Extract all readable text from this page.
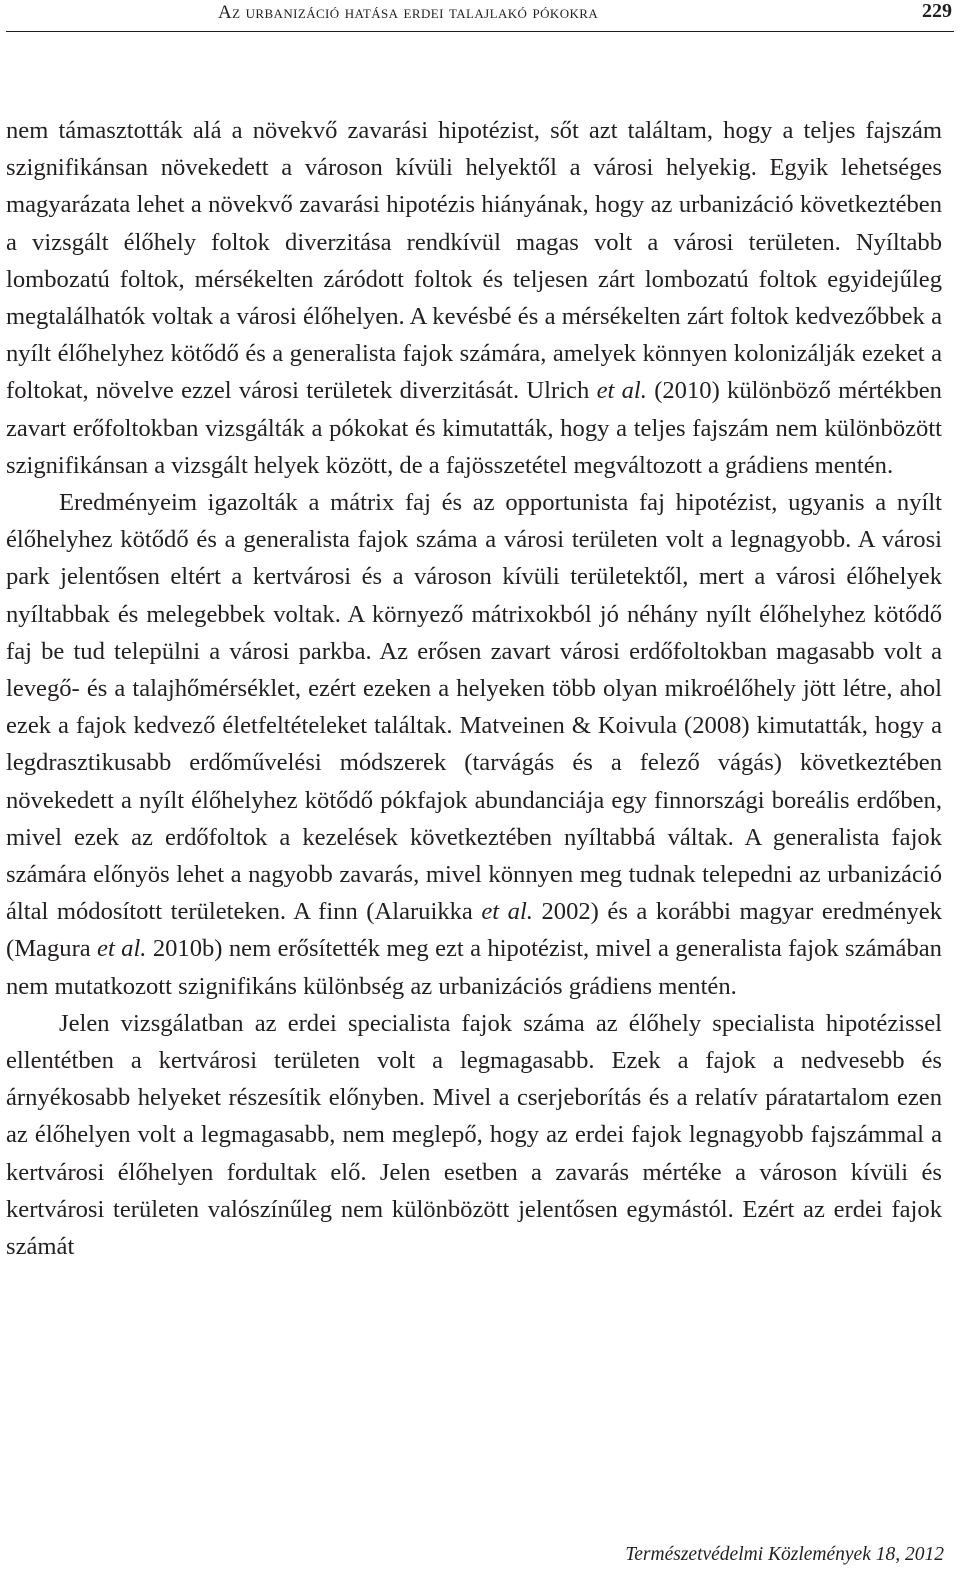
Az urbanizáció hatása erdei talajlakó pókokra	229

nem támasztották alá a növekvő zavarási hipotézist, sőt azt találtam, hogy a teljes fajszám szignifikánsan növekedett a városon kívüli helyektől a városi helyekig. Egyik lehetséges magyarázata lehet a növekvő zavarási hipotézis hiányának, hogy az urbanizáció következtében a vizsgált élőhely foltok diverzitása rendkívül magas volt a városi területen. Nyíltabb lombozatú foltok, mérsékelten záródott foltok és teljesen zárt lombozatú foltok egyidejűleg megtalálhatók voltak a városi élőhelyen. A kevésbé és a mérsékelten zárt foltok kedvezőbbek a nyílt élőhelyhez kötődő és a generalista fajok számára, amelyek könnyen kolonizálják ezeket a foltokat, növelve ezzel városi területek diverzitását. Ulrich et al. (2010) különböző mértékben zavart erőfoltokban vizsgálták a pókokat és kimutatták, hogy a teljes fajszám nem különbözött szignifikánsan a vizsgált helyek között, de a fajösszetétel megváltozott a grádiens mentén.

Eredményeim igazolták a mátrix faj és az opportunista faj hipotézist, ugyanis a nyílt élőhelyhez kötődő és a generalista fajok száma a városi területen volt a legnagyobb. A városi park jelentősen eltért a kertvárosi és a városon kívüli területektől, mert a városi élőhelyek nyíltabbak és melegebbek voltak. A környező mátrixokból jó néhány nyílt élőhelyhez kötődő faj be tud települni a városi parkba. Az erősen zavart városi erdőfoltokban magasabb volt a levegő- és a talajhőmérséklet, ezért ezeken a helyeken több olyan mikroélőhely jött létre, ahol ezek a fajok kedvező életfeltételeket találtak. Matveinen & Koivula (2008) kimutatták, hogy a legdrasztikusabb erdőművelési módszerek (tarvágás és a felező vágás) következtében növekedett a nyílt élőhelyhez kötődő pókfajok abundanciája egy finnországi boreális erdőben, mivel ezek az erdőfoltok a kezelések következtében nyíltabbá váltak. A generalista fajok számára előnyös lehet a nagyobb zavarás, mivel könnyen meg tudnak telepedni az urbanizáció által módosított területeken. A finn (Alaruikka et al. 2002) és a korábbi magyar eredmények (Magura et al. 2010b) nem erősítették meg ezt a hipotézist, mivel a generalista fajok számában nem mutatkozott szignifikáns különbség az urbanizációs grádiens mentén.

Jelen vizsgálatban az erdei specialista fajok száma az élőhely specialista hipotézissel ellentétben a kertvárosi területen volt a legmagasabb. Ezek a fajok a nedvesebb és árnyékosabb helyeket részesítik előnyben. Mivel a cserjeborítás és a relatív páratartalom ezen az élőhelyen volt a legmagasabb, nem meglepő, hogy az erdei fajok legnagyobb fajszámmal a kertvárosi élőhelyen fordultak elő. Jelen esetben a zavarás mértéke a városon kívüli és kertvárosi területen valószínűleg nem különbözött jelentősen egymástól. Ezért az erdei fajok számát

Természetvédelmi Közlemények 18, 2012
